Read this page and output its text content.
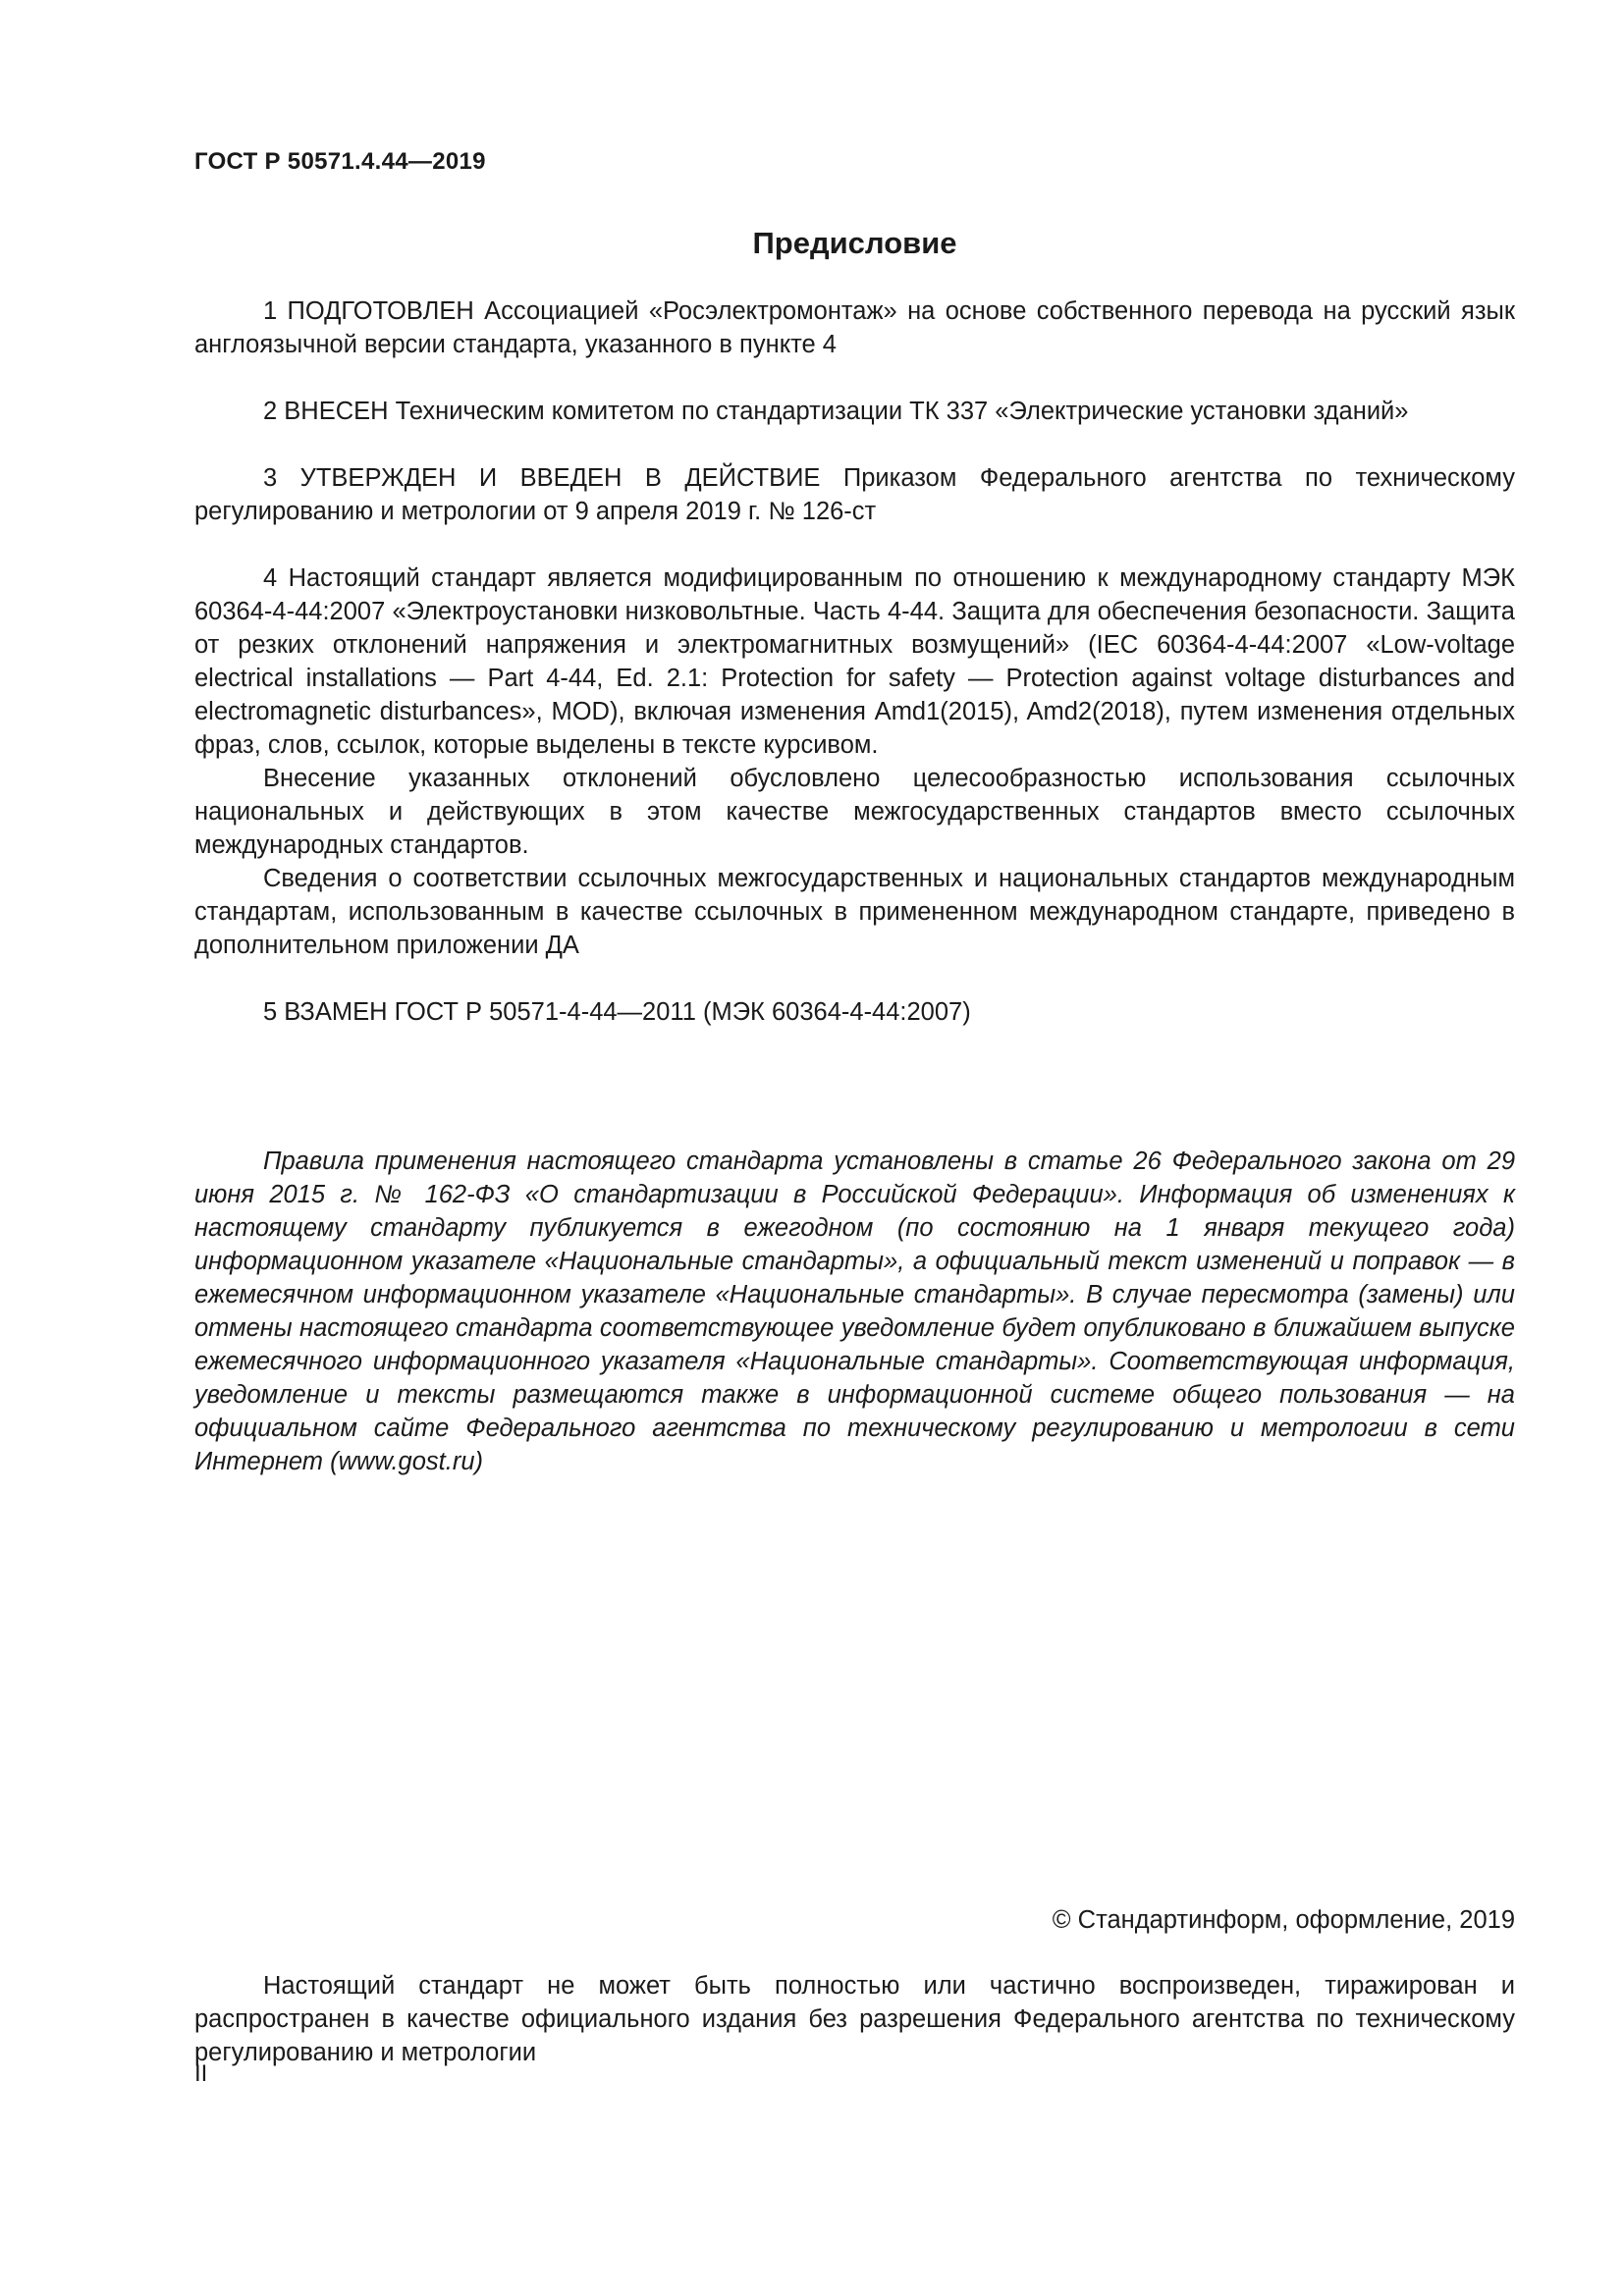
ГОСТ Р 50571.4.44—2019
Предисловие

1 ПОДГОТОВЛЕН Ассоциацией «Росэлектромонтаж» на основе собственного перевода на русский язык англоязычной версии стандарта, указанного в пункте 4

2 ВНЕСЕН Техническим комитетом по стандартизации ТК 337 «Электрические установки зданий»

3 УТВЕРЖДЕН И ВВЕДЕН В ДЕЙСТВИЕ Приказом Федерального агентства по техническому регулированию и метрологии от 9 апреля 2019 г. № 126-ст

4 Настоящий стандарт является модифицированным по отношению к международному стандарту МЭК 60364-4-44:2007 «Электроустановки низковольтные. Часть 4-44. Защита для обеспечения безопасности. Защита от резких отклонений напряжения и электромагнитных возмущений» (IEC 60364-4-44:2007 «Low-voltage electrical installations — Part 4-44, Ed. 2.1: Protection for safety — Protection against voltage disturbances and electromagnetic disturbances», MOD), включая изменения Amd1(2015), Amd2(2018), путем изменения отдельных фраз, слов, ссылок, которые выделены в тексте курсивом.

Внесение указанных отклонений обусловлено целесообразностью использования ссылочных национальных и действующих в этом качестве межгосударственных стандартов вместо ссылочных международных стандартов.

Сведения о соответствии ссылочных межгосударственных и национальных стандартов международным стандартам, использованным в качестве ссылочных в примененном международном стандарте, приведено в дополнительном приложении ДА

5 ВЗАМЕН ГОСТ Р 50571-4-44—2011 (МЭК 60364-4-44:2007)

Правила применения настоящего стандарта установлены в статье 26 Федерального закона от 29 июня 2015 г. № 162-ФЗ «О стандартизации в Российской Федерации». Информация об изменениях к настоящему стандарту публикуется в ежегодном (по состоянию на 1 января текущего года) информационном указателе «Национальные стандарты», а официальный текст изменений и поправок — в ежемесячном информационном указателе «Национальные стандарты». В случае пересмотра (замены) или отмены настоящего стандарта соответствующее уведомление будет опубликовано в ближайшем выпуске ежемесячного информационного указателя «Национальные стандарты». Соответствующая информация, уведомление и тексты размещаются также в информационной системе общего пользования — на официальном сайте Федерального агентства по техническому регулированию и метрологии в сети Интернет (www.gost.ru)

© Стандартинформ, оформление, 2019

Настоящий стандарт не может быть полностью или частично воспроизведен, тиражирован и распространен в качестве официального издания без разрешения Федерального агентства по техническому регулированию и метрологии

II
